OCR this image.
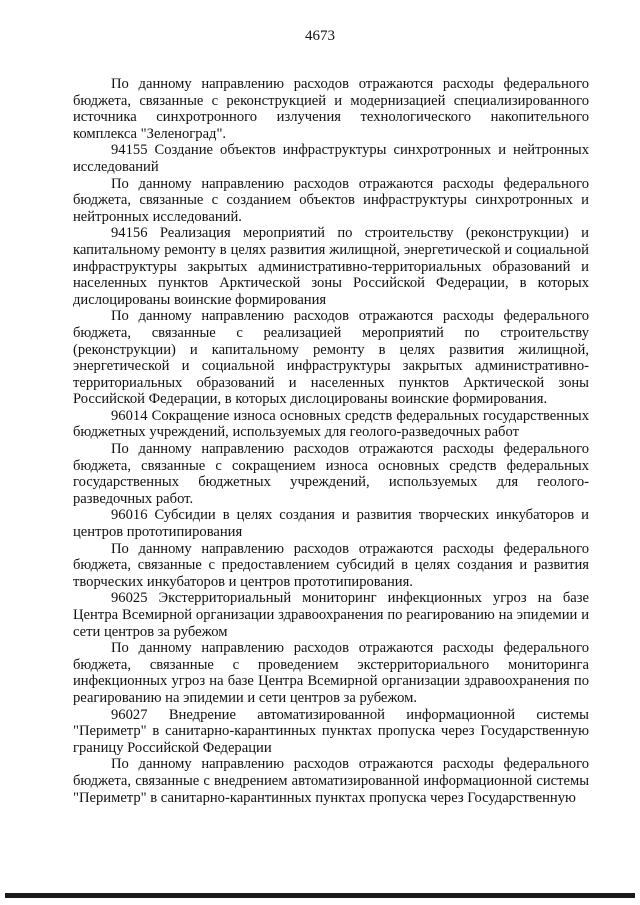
4673

По данному направлению расходов отражаются расходы федерального бюджета, связанные с реконструкцией и модернизацией специализированного источника синхротронного излучения технологического накопительного комплекса "Зеленоград".

94155 Создание объектов инфраструктуры синхротронных и нейтронных исследований

По данному направлению расходов отражаются расходы федерального бюджета, связанные с созданием объектов инфраструктуры синхротронных и нейтронных исследований.

94156 Реализация мероприятий по строительству (реконструкции) и капитальному ремонту в целях развития жилищной, энергетической и социальной инфраструктуры закрытых административно-территориальных образований и населенных пунктов Арктической зоны Российской Федерации, в которых дислоцированы воинские формирования

По данному направлению расходов отражаются расходы федерального бюджета, связанные с реализацией мероприятий по строительству (реконструкции) и капитальному ремонту в целях развития жилищной, энергетической и социальной инфраструктуры закрытых административно-территориальных образований и населенных пунктов Арктической зоны Российской Федерации, в которых дислоцированы воинские формирования.

96014 Сокращение износа основных средств федеральных государственных бюджетных учреждений, используемых для геолого-разведочных работ

По данному направлению расходов отражаются расходы федерального бюджета, связанные с сокращением износа основных средств федеральных государственных бюджетных учреждений, используемых для геолого-разведочных работ.

96016 Субсидии в целях создания и развития творческих инкубаторов и центров прототипирования

По данному направлению расходов отражаются расходы федерального бюджета, связанные с предоставлением субсидий в целях создания и развития творческих инкубаторов и центров прототипирования.

96025 Экстерриториальный мониторинг инфекционных угроз на базе Центра Всемирной организации здравоохранения по реагированию на эпидемии и сети центров за рубежом

По данному направлению расходов отражаются расходы федерального бюджета, связанные с проведением экстерриториального мониторинга инфекционных угроз на базе Центра Всемирной организации здравоохранения по реагированию на эпидемии и сети центров за рубежом.

96027 Внедрение автоматизированной информационной системы "Периметр" в санитарно-карантинных пунктах пропуска через Государственную границу Российской Федерации

По данному направлению расходов отражаются расходы федерального бюджета, связанные с внедрением автоматизированной информационной системы "Периметр" в санитарно-карантинных пунктах пропуска через Государственную
